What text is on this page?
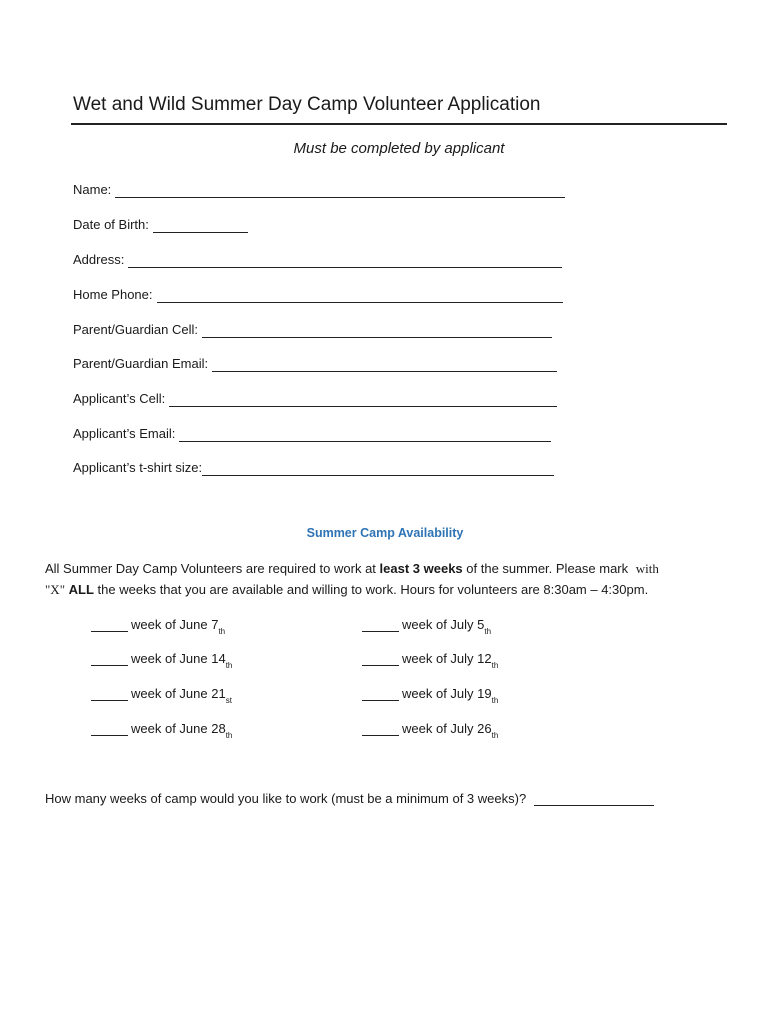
Wet and Wild Summer Day Camp Volunteer Application
Must be completed by applicant
Name:
Date of Birth:
Address:
Home Phone:
Parent/Guardian Cell:
Parent/Guardian Email:
Applicant’s Cell:
Applicant’s Email:
Applicant’s t-shirt size:
Summer Camp Availability
All Summer Day Camp Volunteers are required to work at least 3 weeks of the summer. Please mark with
"X" ALL the weeks that you are available and willing to work. Hours for volunteers are 8:30am – 4:30pm.
week of June 7 th	week of July 5 th
week of June 14 th	week of July 12 th
week of June 21 st	week of July 19 th
week of June 28 th	week of July 26 th
How many weeks of camp would you like to work (must be a minimum of 3 weeks)?
